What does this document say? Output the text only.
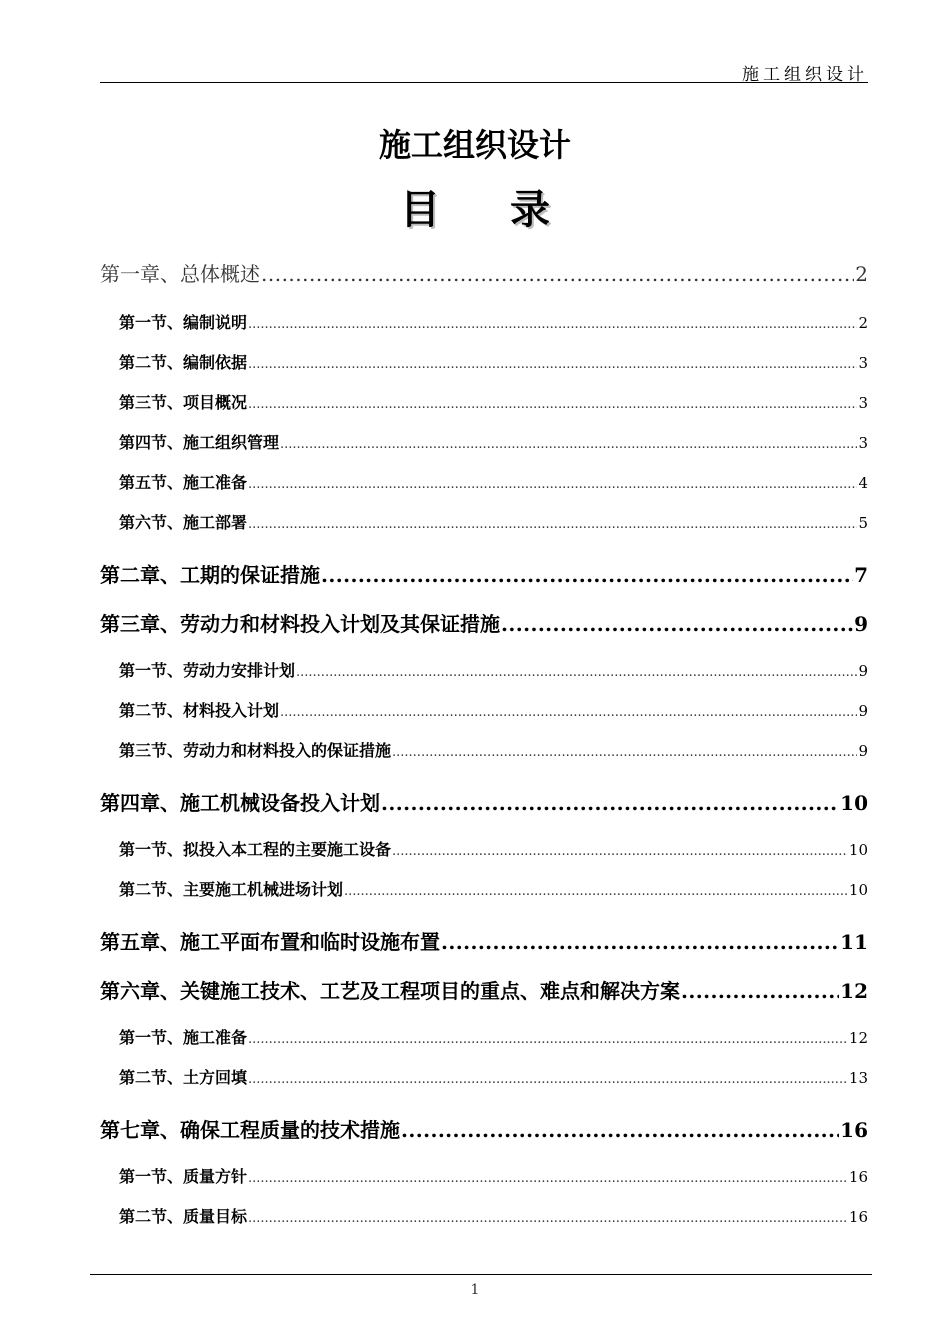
施工组织设计
施工组织设计
目 录
第一章、总体概述 .....	2
第一节、编制说明 .....	2
第二节、编制依据 .....	3
第三节、项目概况 .....	3
第四节、施工组织管理 .....	3
第五节、施工准备 .....	4
第六节、施工部署 .....	5
第二章、工期的保证措施 .....	7
第三章、劳动力和材料投入计划及其保证措施 .....	9
第一节、劳动力安排计划 .....	9
第二节、材料投入计划 .....	9
第三节、劳动力和材料投入的保证措施 .....	9
第四章、施工机械设备投入计划 .....	10
第一节、拟投入本工程的主要施工设备 .....	10
第二节、主要施工机械进场计划 .....	10
第五章、施工平面布置和临时设施布置 .....	11
第六章、关键施工技术、工艺及工程项目的重点、难点和解决方案 .....	12
第一节、施工准备 .....	12
第二节、土方回填 .....	13
第七章、确保工程质量的技术措施 .....	16
第一节、质量方针 .....	16
第二节、质量目标 .....	16
1
